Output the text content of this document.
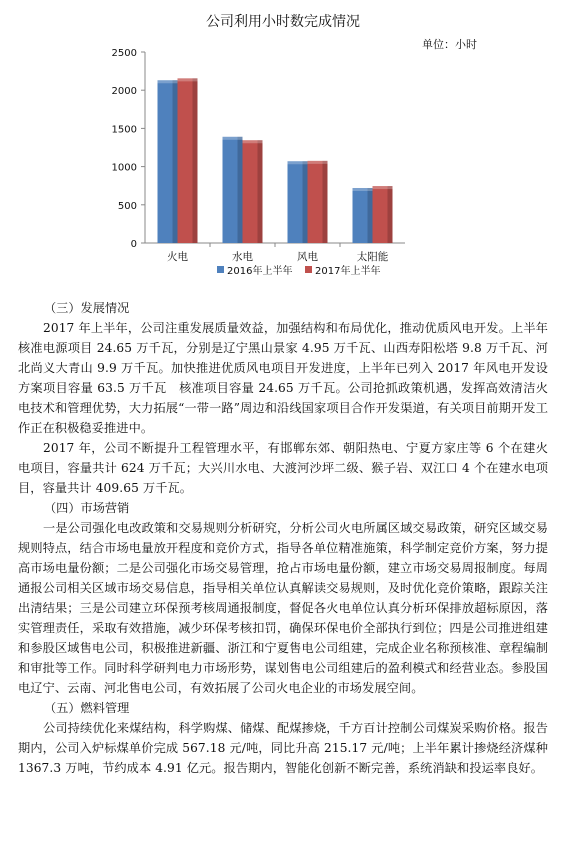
公司利用小时数完成情况
单位：小时
0
500
1000
1500
2000
2500
火电	水电	风电	太阳能
2016年上半年 2017年上半年

（三）发展情况

2017 年上半年，公司注重发展质量效益，加强结构和布局优化，推动优质风电开发。上半年核准电源项目 24.65 万千瓦，分别是辽宁黑山景家 4.95 万千瓦、山西寿阳松塔 9.8 万千瓦、河北尚义大青山 9.9 万千瓦。加快推进优质风电项目开发进度，上半年已列入 2017 年风电开发设方案项目容量 63.5 万千瓦　核准项目容量 24.65 万千瓦。公司抢抓政策机遇，发挥高效清洁火电技术和管理优势，大力拓展“一带一路”周边和沿线国家项目合作开发渠道，有关项目前期开发工作正在积极稳妥推进中。

2017 年，公司不断提升工程管理水平，有邯郸东郊、朝阳热电、宁夏方家庄等 6 个在建火电项目，容量共计 624 万千瓦；大兴川水电、大渡河沙坪二级、猴子岩、双江口 4 个在建水电项目，容量共计 409.65 万千瓦。

（四）市场营销

一是公司强化电改政策和交易规则分析研究，分析公司火电所属区域交易政策，研究区域交易规则特点，结合市场电量放开程度和竞价方式，指导各单位精准施策，科学制定竞价方案，努力提高市场电量份额；二是公司强化市场交易管理，抢占市场电量份额，建立市场交易周报制度。每周通报公司相关区域市场交易信息，指导相关单位认真解读交易规则，及时优化竞价策略，跟踪关注出清结果；三是公司建立环保预考核周通报制度，督促各火电单位认真分析环保排放超标原因，落实管理责任，采取有效措施，减少环保考核扣罚，确保环保电价全部执行到位；四是公司推进组建和参股区域售电公司，积极推进新疆、浙江和宁夏售电公司组建，完成企业名称预核准、章程编制和审批等工作。同时科学研判电力市场形势，谋划售电公司组建后的盈利模式和经营业态。参股国电辽宁、云南、河北售电公司，有效拓展了公司火电企业的市场发展空间。

（五）燃料管理

公司持续优化来煤结构，科学购煤、储煤、配煤掺烧，千方百计控制公司煤炭采购价格。报告期内，公司入炉标煤单价完成 567.18 元/吨，同比升高 215.17 元/吨；上半年累计掺烧经济煤种 1367.3 万吨，节约成本 4.91 亿元。报告期内，智能化创新不断完善，系统消缺和投运率良好。
